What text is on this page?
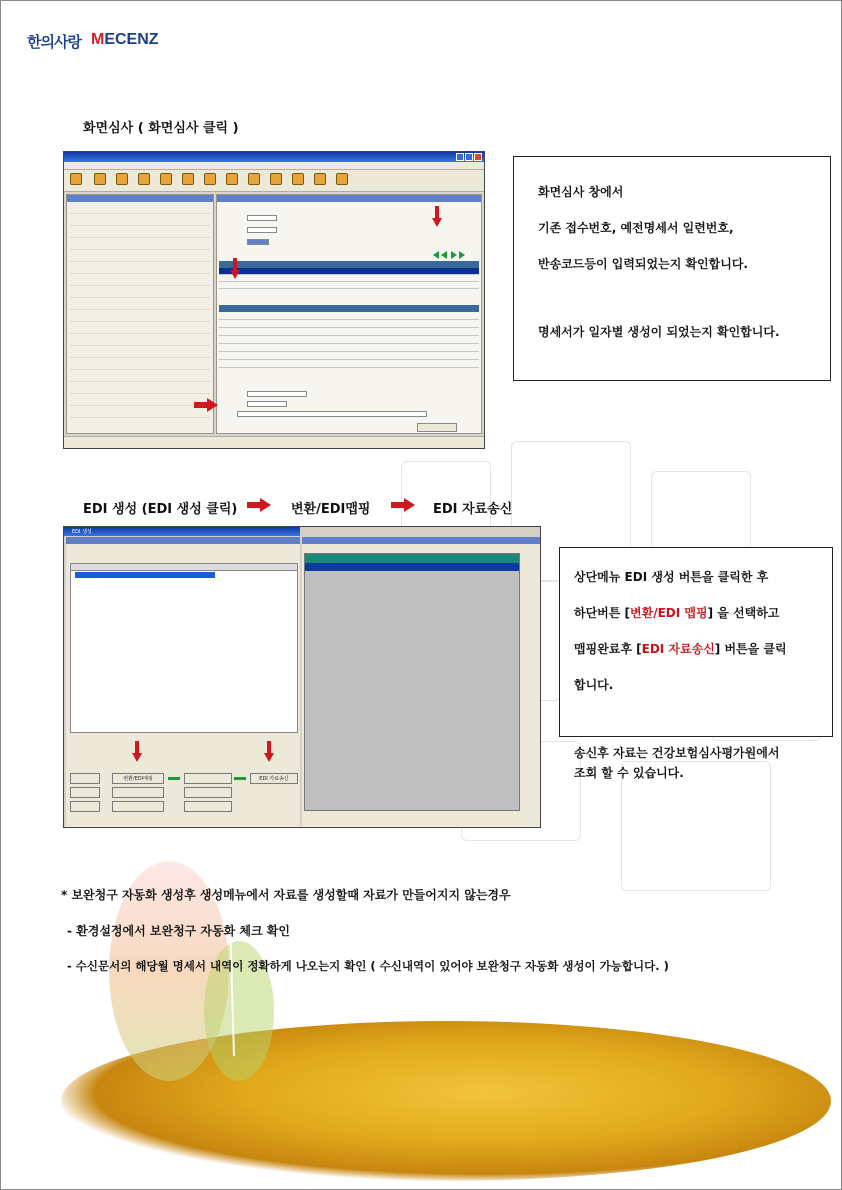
한의사랑 MECENZ
화면심사 ( 화면심사 클릭 )

화면심사 창에서

기존 접수번호, 예전명세서 일련번호,

반송코드등이 입력되었는지 확인합니다.

명세서가 일자별 생성이 되었는지 확인합니다.

EDI 생성 (EDI 생성 클릭)	변환/EDI맵핑	EDI 자료송신
EDI 생성
변환/EDI매핑	EDI 자료송신

상단메뉴 EDI 생성 버튼을 클릭한 후

하단버튼 [변환/EDI 맵핑] 을 선택하고

맵핑완료후 [EDI 자료송신] 버튼을 클릭

합니다.

송신후 자료는 건강보험심사평가원에서
조회 할 수 있습니다.
* 보완청구 자동화 생성후 생성메뉴에서 자료를 생성할때 자료가 만들어지지 않는경우
- 환경설정에서 보완청구 자동화 체크 확인
- 수신문서의 해당월 명세서 내역이 정확하게 나오는지 확인 ( 수신내역이 있어야 보완청구 자동화 생성이 가능합니다. )
